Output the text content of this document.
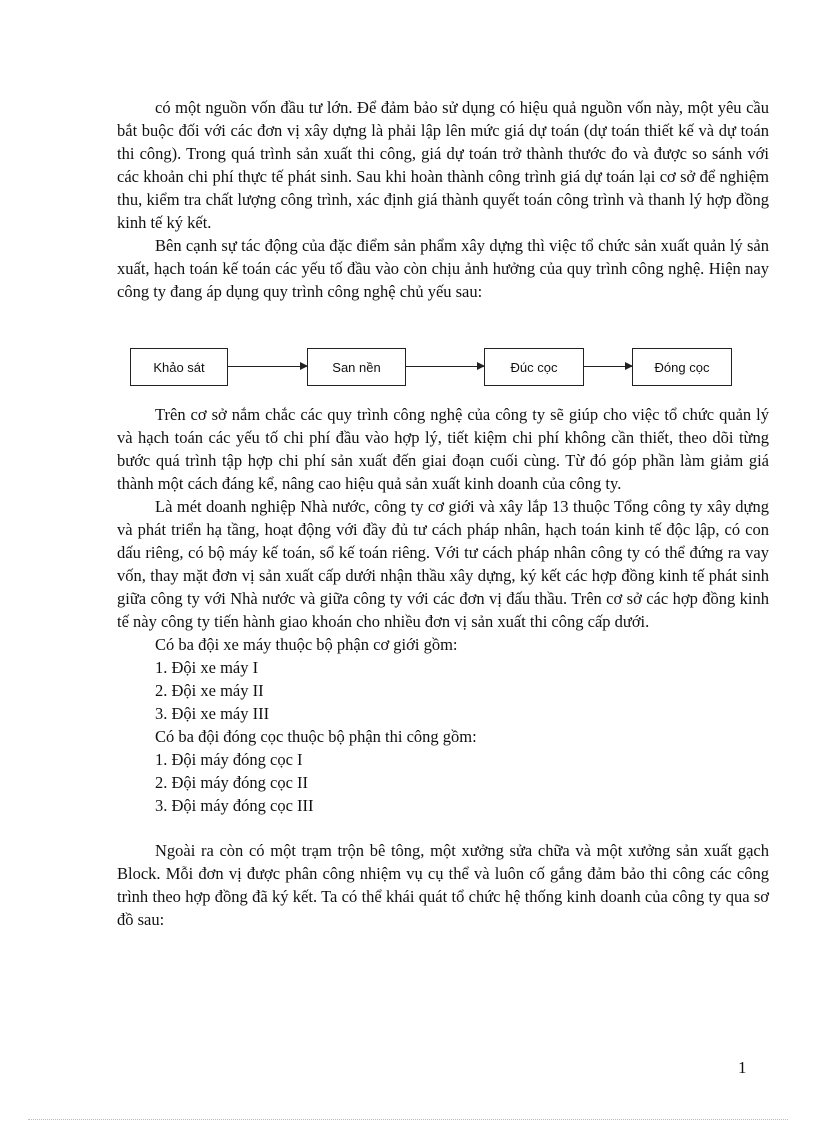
có một nguồn vốn đầu tư lớn. Để đảm bảo sử dụng có hiệu quả nguồn vốn này, một yêu cầu bắt buộc đối với các đơn vị xây dựng là phải lập lên mức giá dự toán (dự toán thiết kế và dự toán thi công). Trong quá trình sản xuất thi công, giá dự toán trở thành thước đo và được so sánh với các khoản chi phí thực tế phát sinh. Sau khi hoàn thành công trình giá dự toán lại cơ sở để nghiệm thu, kiểm tra chất lượng công trình, xác định giá thành quyết toán công trình và thanh lý hợp đồng kinh tế ký kết.

Bên cạnh sự tác động của đặc điểm sản phẩm xây dựng thì việc tổ chức sản xuất quản lý sản xuất, hạch toán kế toán các yếu tố đầu vào còn chịu ảnh hưởng của quy trình công nghệ. Hiện nay công ty đang áp dụng quy trình công nghệ chủ yếu sau:

Khảo sát	San nền	Đúc cọc	Đóng cọc

Trên cơ sở nắm chắc các quy trình công nghệ của công ty sẽ giúp cho việc tổ chức quản lý và hạch toán các yếu tố chi phí đầu vào hợp lý, tiết kiệm chi phí không cần thiết, theo dõi từng bước quá trình tập hợp chi phí sản xuất đến giai đoạn cuối cùng. Từ đó góp phần làm giảm giá thành một cách đáng kể, nâng cao hiệu quả sản xuất kinh doanh của công ty.

Là mét doanh nghiệp Nhà nước, công ty cơ giới và xây lắp 13 thuộc Tổng công ty xây dựng và phát triển hạ tầng, hoạt động với đầy đủ tư cách pháp nhân, hạch toán kinh tế độc lập, có con dấu riêng, có bộ máy kế toán, sổ kế toán riêng. Với tư cách pháp nhân công ty có thể đứng ra vay vốn, thay mặt đơn vị sản xuất cấp dưới nhận thầu xây dựng, ký kết các hợp đồng kinh tế phát sinh giữa công ty với Nhà nước và giữa công ty với các đơn vị đấu thầu. Trên cơ sở các hợp đồng kinh tế này công ty tiến hành giao khoán cho nhiều đơn vị sản xuất thi công cấp dưới.

Có ba đội xe máy thuộc bộ phận cơ giới gồm:

1. Đội xe máy I

2. Đội xe máy II

3. Đội xe máy III

Có ba đội đóng cọc thuộc bộ phận thi công gồm:

1. Đội máy đóng cọc I

2. Đội máy đóng cọc II

3. Đội máy đóng cọc III

Ngoài ra còn có một trạm trộn bê tông, một xưởng sửa chữa và một xưởng sản xuất gạch Block. Mỗi đơn vị được phân công nhiệm vụ cụ thể và luôn cố gắng đảm bảo thi công các công trình theo hợp đồng đã ký kết. Ta có thể khái quát tổ chức hệ thống kinh doanh của công ty qua sơ đồ sau:

1
